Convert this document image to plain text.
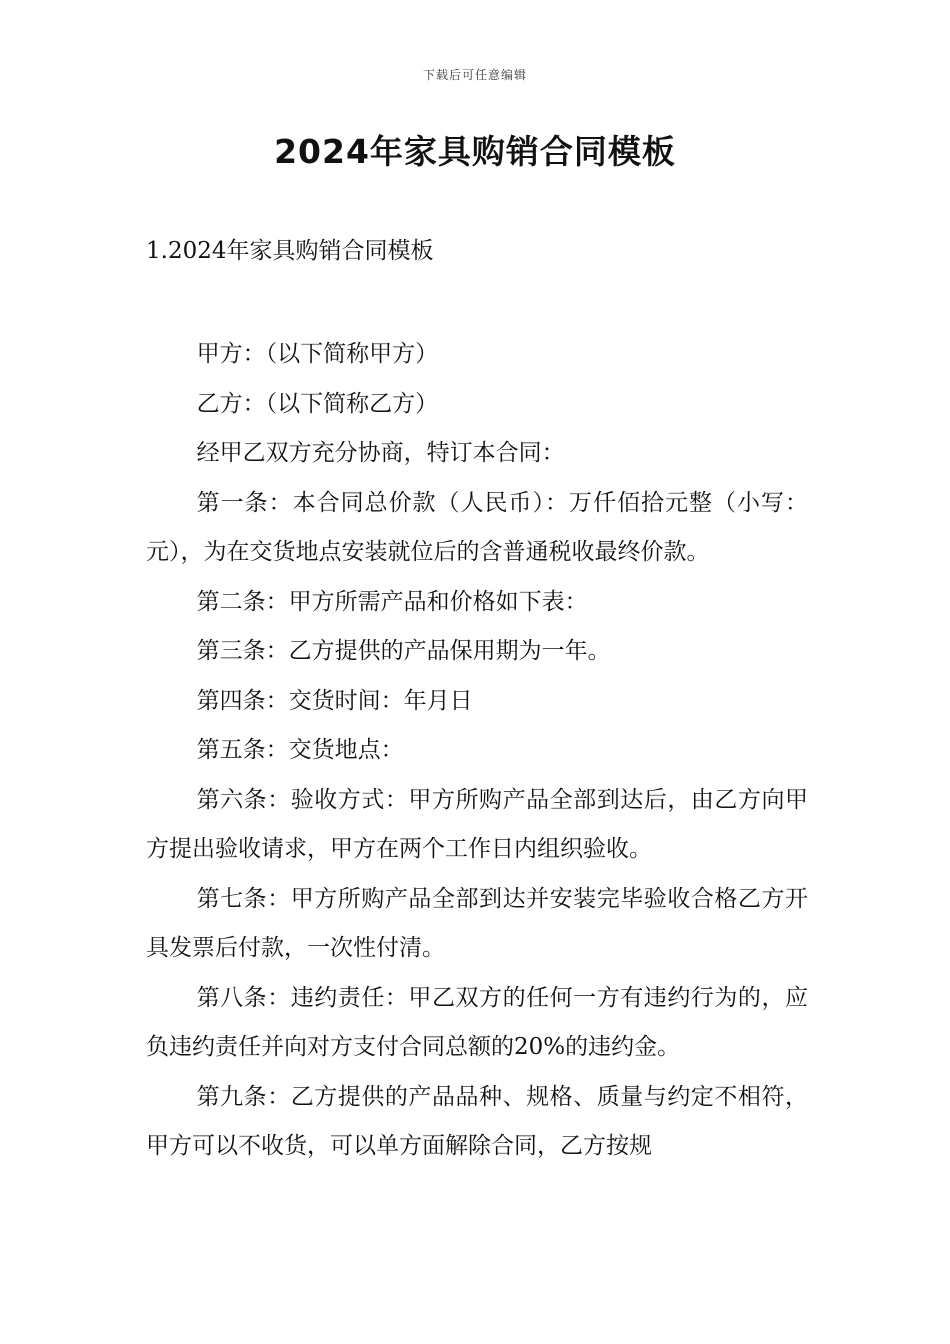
下载后可任意编辑
2024年家具购销合同模板
1.2024年家具购销合同模板

甲方：（以下简称甲方）

乙方：（以下简称乙方）

经甲乙双方充分协商，特订本合同：

第一条：本合同总价款（人民币）：万仟佰拾元整（小写：元），为在交货地点安装就位后的含普通税收最终价款。

第二条：甲方所需产品和价格如下表：

第三条：乙方提供的产品保用期为一年。

第四条：交货时间：年月日

第五条：交货地点：

第六条：验收方式：甲方所购产品全部到达后，由乙方向甲方提出验收请求，甲方在两个工作日内组织验收。

第七条：甲方所购产品全部到达并安装完毕验收合格乙方开具发票后付款，一次性付清。

第八条：违约责任：甲乙双方的任何一方有违约行为的，应负违约责任并向对方支付合同总额的20%的违约金。

第九条：乙方提供的产品品种、规格、质量与约定不相符，甲方可以不收货，可以单方面解除合同，乙方按规
